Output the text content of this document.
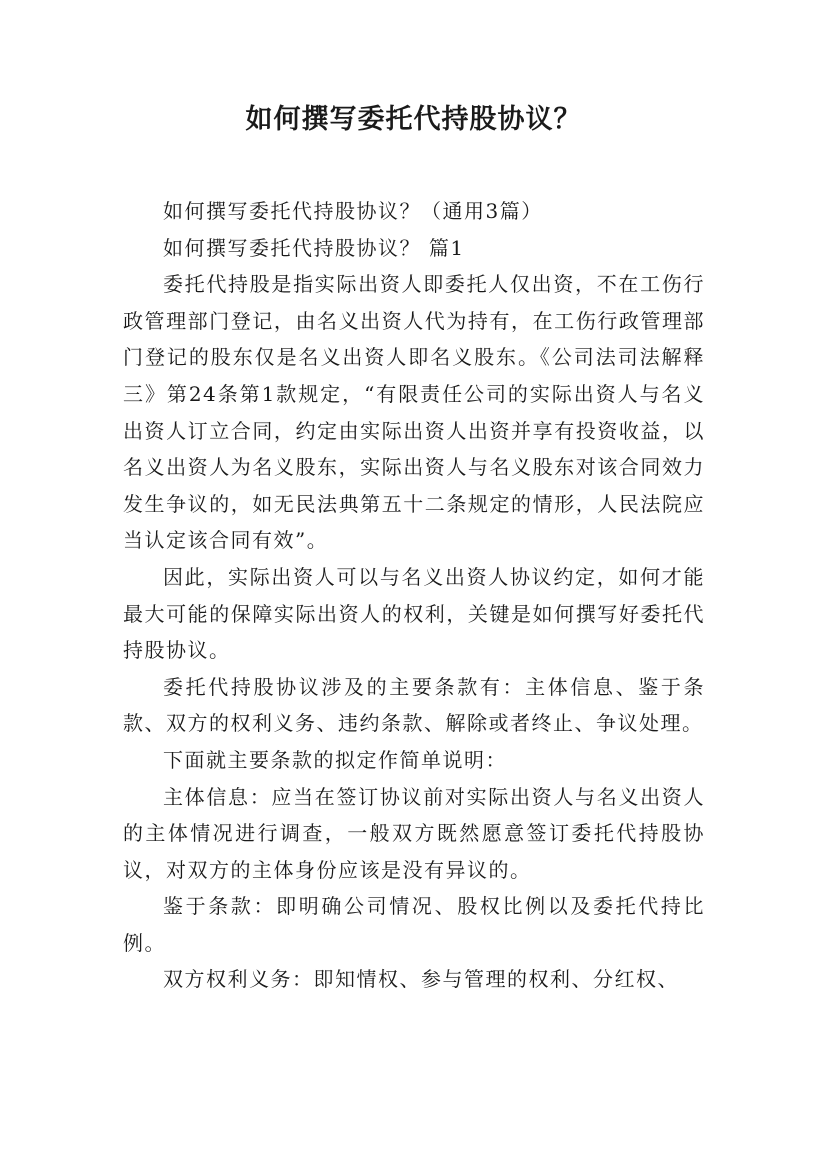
如何撰写委托代持股协议？

如何撰写委托代持股协议？（通用3篇）

如何撰写委托代持股协议？ 篇1

委托代持股是指实际出资人即委托人仅出资，不在工伤行政管理部门登记，由名义出资人代为持有，在工伤行政管理部门登记的股东仅是名义出资人即名义股东。《公司法司法解释三》第24条第1款规定，“有限责任公司的实际出资人与名义出资人订立合同，约定由实际出资人出资并享有投资收益，以名义出资人为名义股东，实际出资人与名义股东对该合同效力发生争议的，如无民法典第五十二条规定的情形，人民法院应当认定该合同有效”。

因此，实际出资人可以与名义出资人协议约定，如何才能最大可能的保障实际出资人的权利，关键是如何撰写好委托代持股协议。

委托代持股协议涉及的主要条款有：主体信息、鉴于条款、双方的权利义务、违约条款、解除或者终止、争议处理。

下面就主要条款的拟定作简单说明：

主体信息：应当在签订协议前对实际出资人与名义出资人的主体情况进行调查，一般双方既然愿意签订委托代持股协议，对双方的主体身份应该是没有异议的。

鉴于条款：即明确公司情况、股权比例以及委托代持比例。

双方权利义务：即知情权、参与管理的权利、分红权、
